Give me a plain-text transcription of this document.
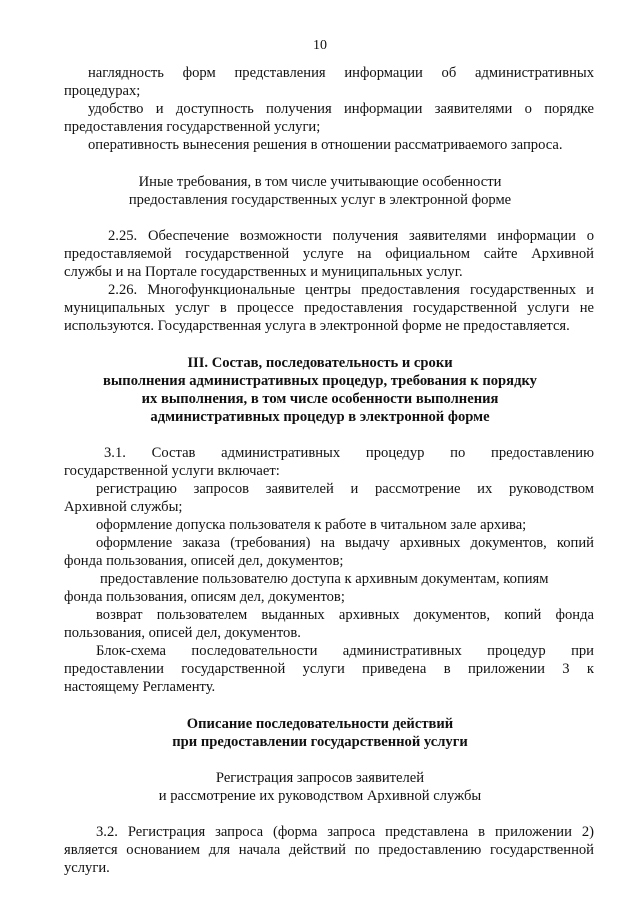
10
наглядность форм представления информации об административных
процедурах;
удобство и доступность получения информации заявителями о порядке
предоставления государственной услуги;
оперативность вынесения решения в отношении рассматриваемого запроса.
Иные требования, в том числе учитывающие особенности
предоставления государственных услуг в электронной форме
2.25. Обеспечение возможности получения заявителями информации о
предоставляемой государственной услуге на официальном сайте Архивной
службы и на Портале государственных и муниципальных услуг.
2.26. Многофункциональные центры предоставления государственных и
муниципальных услуг в процессе предоставления государственной услуги не
используются. Государственная услуга в электронной форме не предоставляется.
III. Состав, последовательность и сроки
выполнения административных процедур, требования к порядку
их выполнения, в том числе особенности выполнения
административных процедур в электронной форме
3.1. Состав административных процедур по предоставлению
государственной услуги включает:
регистрацию запросов заявителей и рассмотрение их руководством
Архивной службы;
оформление допуска пользователя к работе в читальном зале архива;
оформление заказа (требования) на выдачу архивных документов, копий
фонда пользования, описей дел, документов;
предоставление пользователю доступа к архивным документам, копиям
фонда пользования, описям дел, документов;
возврат пользователем выданных архивных документов, копий фонда
пользования, описей дел, документов.
Блок-схема последовательности административных процедур при
предоставлении государственной услуги приведена в приложении 3 к
настоящему Регламенту.
Описание последовательности действий
при предоставлении государственной услуги
Регистрация запросов заявителей
и рассмотрение их руководством Архивной службы
3.2. Регистрация запроса (форма запроса представлена в приложении 2)
является основанием для начала действий по предоставлению государственной
услуги.
